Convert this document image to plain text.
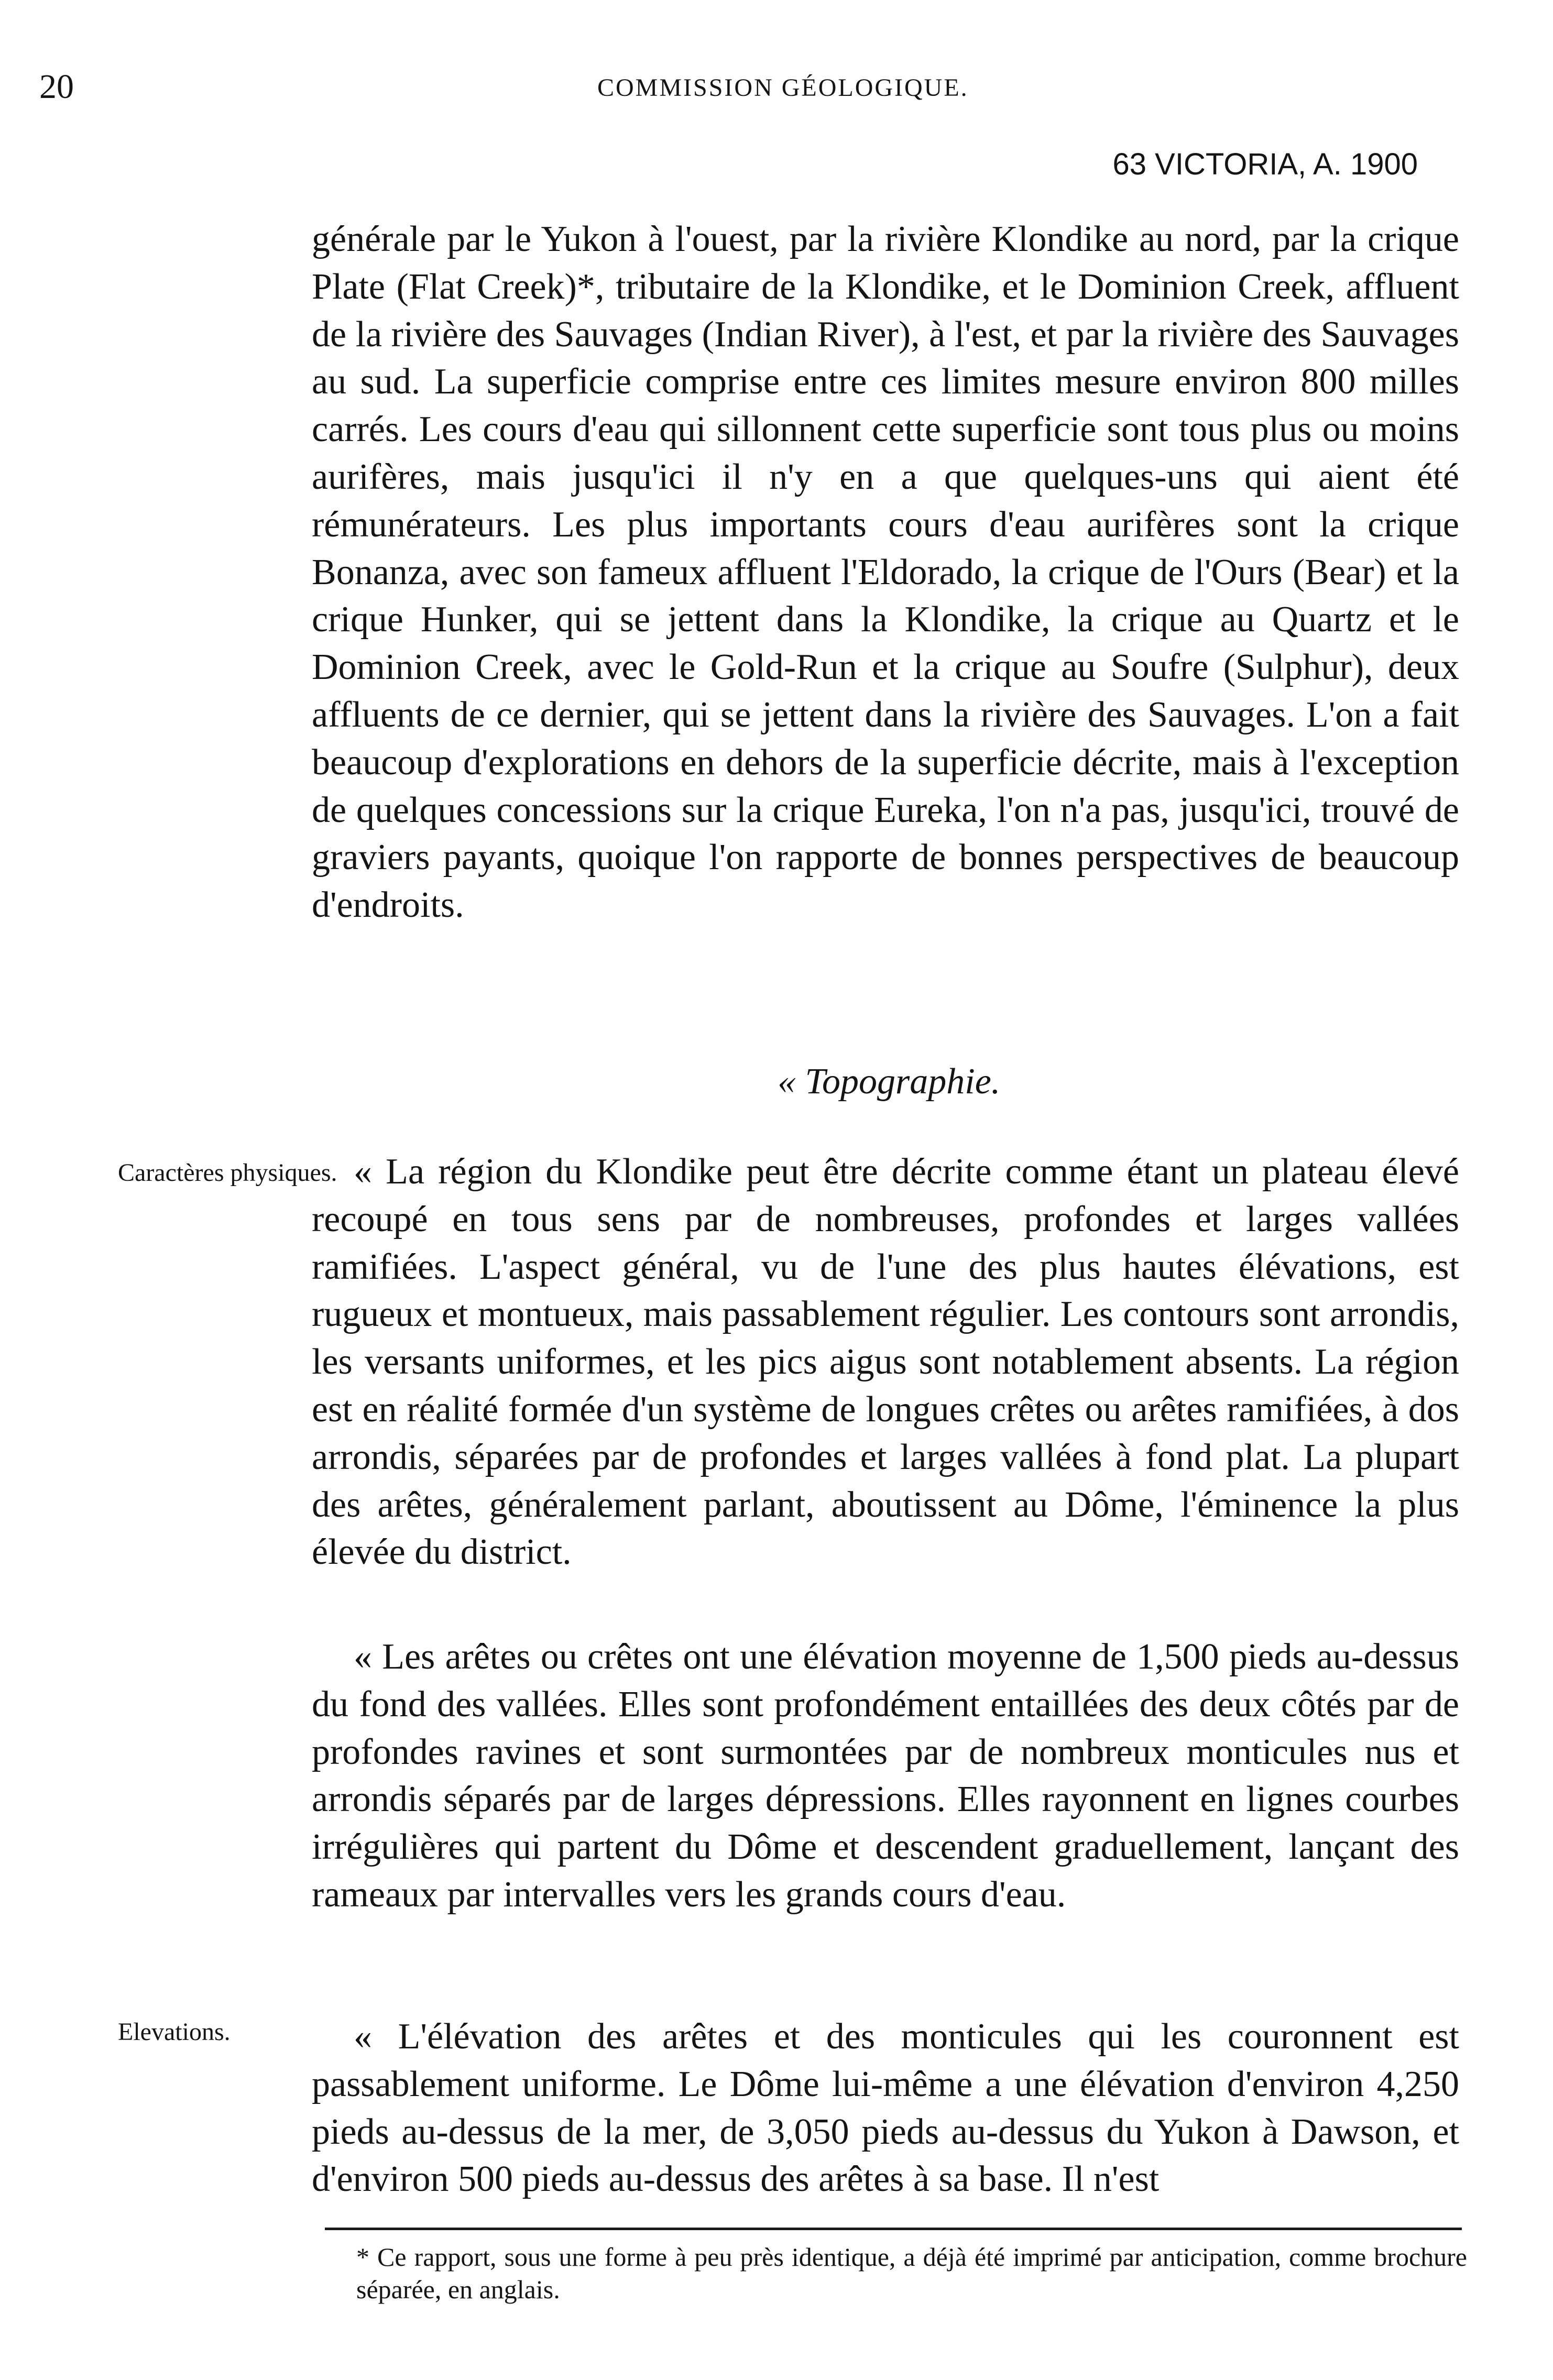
20	COMMISSION GÉOLOGIQUE.
63 VICTORIA, A. 1900

générale par le Yukon à l'ouest, par la rivière Klondike au nord, par la crique Plate (Flat Creek)*, tributaire de la Klondike, et le Dominion Creek, affluent de la rivière des Sauvages (Indian River), à l'est, et par la rivière des Sauvages au sud. La superficie comprise entre ces limites mesure environ 800 milles carrés. Les cours d'eau qui sillonnent cette superficie sont tous plus ou moins aurifères, mais jusqu'ici il n'y en a que quelques-uns qui aient été rémunérateurs. Les plus importants cours d'eau aurifères sont la crique Bonanza, avec son fameux affluent l'Eldorado, la crique de l'Ours (Bear) et la crique Hunker, qui se jettent dans la Klondike, la crique au Quartz et le Dominion Creek, avec le Gold-Run et la crique au Soufre (Sulphur), deux affluents de ce dernier, qui se jettent dans la rivière des Sauvages. L'on a fait beaucoup d'explorations en dehors de la superficie décrite, mais à l'exception de quelques concessions sur la crique Eureka, l'on n'a pas, jusqu'ici, trouvé de graviers payants, quoique l'on rapporte de bonnes perspectives de beaucoup d'endroits.

« Topographie.
Caractères physiques. « La région du Klondike peut être décrite comme étant un plateau élevé recoupé en tous sens par de nombreuses, profondes et larges vallées ramifiées. L'aspect général, vu de l'une des plus hautes élévations, est rugueux et montueux, mais passablement régulier. Les contours sont arrondis, les versants uniformes, et les pics aigus sont notablement absents. La région est en réalité formée d'un système de longues crêtes ou arêtes ramifiées, à dos arrondis, séparées par de profondes et larges vallées à fond plat. La plupart des arêtes, généralement parlant, aboutissent au Dôme, l'éminence la plus élevée du district.

« Les arêtes ou crêtes ont une élévation moyenne de 1,500 pieds au-dessus du fond des vallées. Elles sont profondément entaillées des deux côtés par de profondes ravines et sont surmontées par de nombreux monticules nus et arrondis séparés par de larges dépressions. Elles rayonnent en lignes courbes irrégulières qui partent du Dôme et descendent graduellement, lançant des rameaux par intervalles vers les grands cours d'eau.

Elevations.	« L'élévation des arêtes et des monticules qui les couronnent est passablement uniforme. Le Dôme lui-même a une élévation d'environ 4,250 pieds au-dessus de la mer, de 3,050 pieds au-dessus du Yukon à Dawson, et d'environ 500 pieds au-dessus des arêtes à sa base. Il n'est

* Ce rapport, sous une forme à peu près identique, a déjà été imprimé par anticipation, comme brochure séparée, en anglais.
